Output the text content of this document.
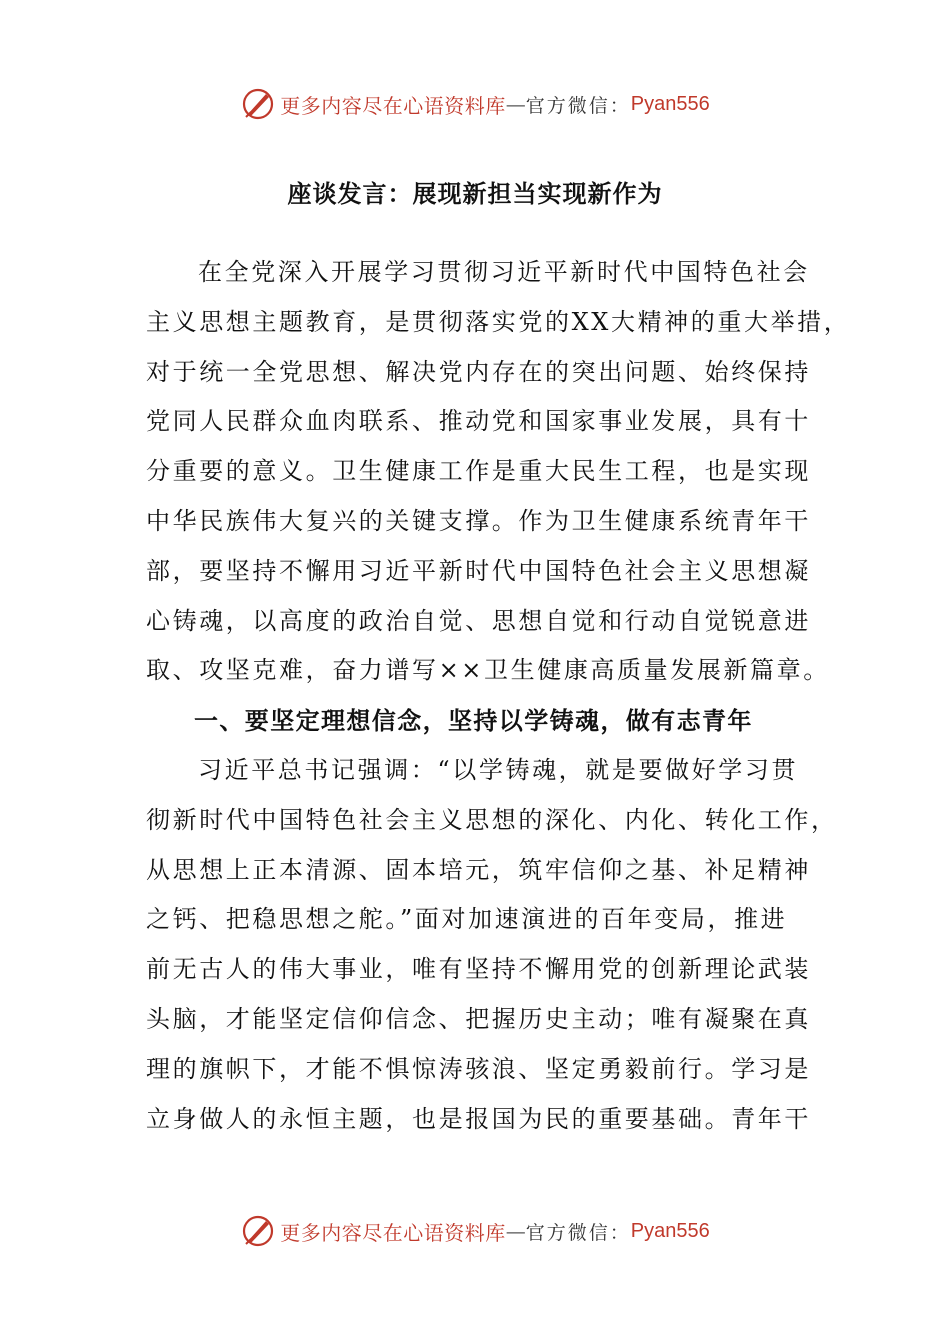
更多内容尽在心语资料库 — 官方微信： Pyan556
座谈发言：展现新担当实现新作为
在全党深入开展学习贯彻习近平新时代中国特色社会
主义思想主题教育，是贯彻落实党的XX大精神的重大举措，
对于统一全党思想、解决党内存在的突出问题、始终保持
党同人民群众血肉联系、推动党和国家事业发展，具有十
分重要的意义。卫生健康工作是重大民生工程，也是实现
中华民族伟大复兴的关键支撑。作为卫生健康系统青年干
部，要坚持不懈用习近平新时代中国特色社会主义思想凝
心铸魂，以高度的政治自觉、思想自觉和行动自觉锐意进
取、攻坚克难，奋力谱写××卫生健康高质量发展新篇章。
一、要坚定理想信念，坚持以学铸魂，做有志青年
习近平总书记强调：“以学铸魂，就是要做好学习贯
彻新时代中国特色社会主义思想的深化、内化、转化工作，
从思想上正本清源、固本培元，筑牢信仰之基、补足精神
之钙、把稳思想之舵。”面对加速演进的百年变局，推进
前无古人的伟大事业，唯有坚持不懈用党的创新理论武装
头脑，才能坚定信仰信念、把握历史主动；唯有凝聚在真
理的旗帜下，才能不惧惊涛骇浪、坚定勇毅前行。学习是
立身做人的永恒主题，也是报国为民的重要基础。青年干
更多内容尽在心语资料库 — 官方微信： Pyan556
